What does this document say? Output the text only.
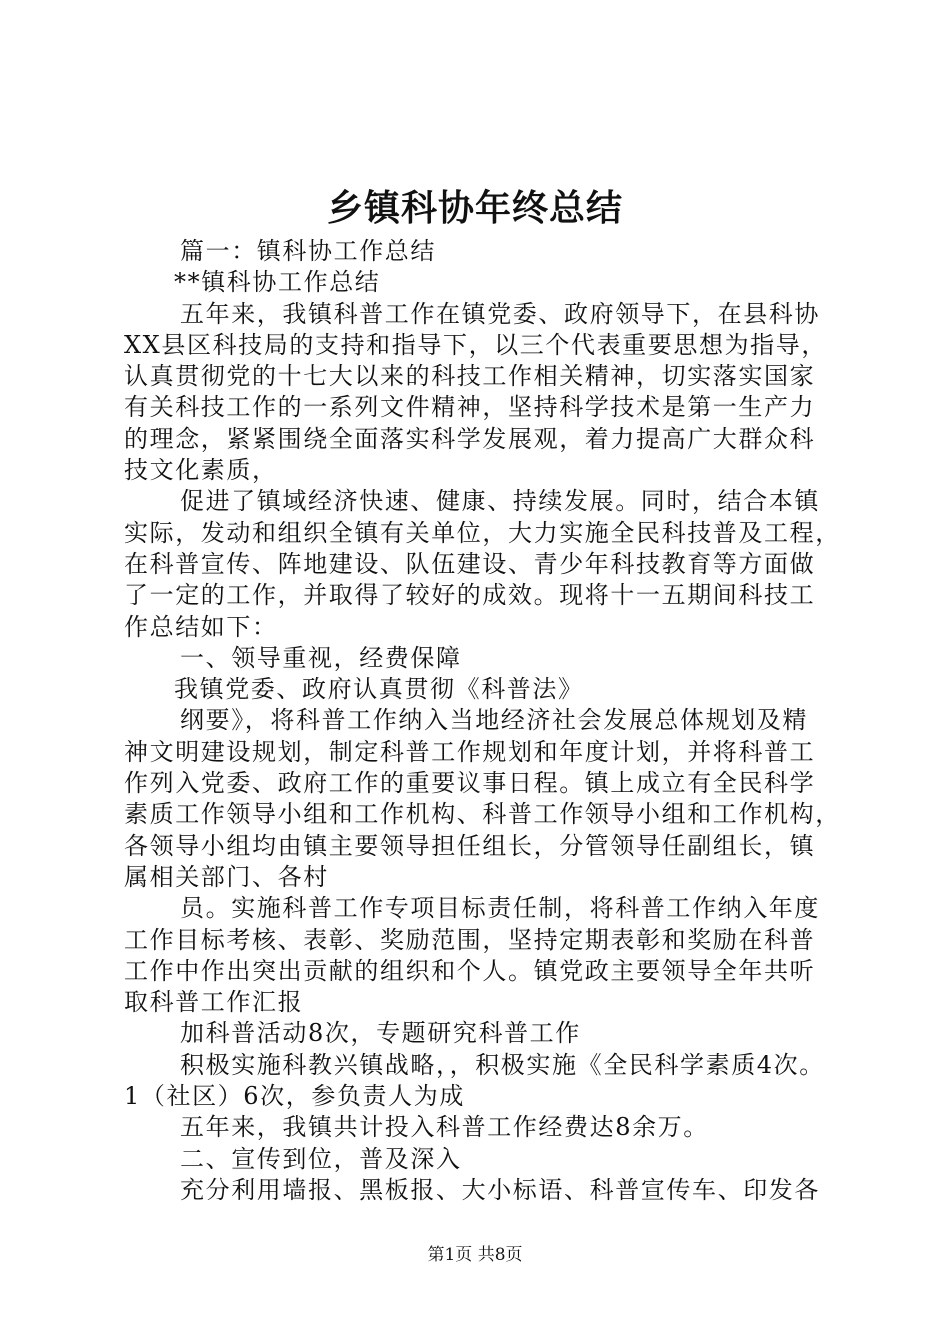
乡镇科协年终总结
篇一：镇科协工作总结
**镇科协工作总结
五年来，我镇科普工作在镇党委、政府领导下，在县科协
XX县区科技局的支持和指导下，以三个代表重要思想为指导，
认真贯彻党的十七大以来的科技工作相关精神，切实落实国家
有关科技工作的一系列文件精神，坚持科学技术是第一生产力
的理念，紧紧围绕全面落实科学发展观，着力提高广大群众科
技文化素质，
促进了镇域经济快速、健康、持续发展。同时，结合本镇
实际，发动和组织全镇有关单位，大力实施全民科技普及工程，
在科普宣传、阵地建设、队伍建设、青少年科技教育等方面做
了一定的工作，并取得了较好的成效。现将十一五期间科技工
作总结如下：
一、领导重视，经费保障
我镇党委、政府认真贯彻《科普法》
纲要》，将科普工作纳入当地经济社会发展总体规划及精
神文明建设规划，制定科普工作规划和年度计划，并将科普工
作列入党委、政府工作的重要议事日程。镇上成立有全民科学
素质工作领导小组和工作机构、科普工作领导小组和工作机构，
各领导小组均由镇主要领导担任组长，分管领导任副组长，镇
属相关部门、各村
员。实施科普工作专项目标责任制，将科普工作纳入年度
工作目标考核、表彰、奖励范围，坚持定期表彰和奖励在科普
工作中作出突出贡献的组织和个人。镇党政主要领导全年共听
取科普工作汇报
加科普活动8次，专题研究科普工作
积极实施科教兴镇战略，，积极实施《全民科学素质4次。
1（社区）6次，参负责人为成
五年来，我镇共计投入科普工作经费达8余万。
二、宣传到位，普及深入
充分利用墙报、黑板报、大小标语、科普宣传车、印发各
第1页 共8页
